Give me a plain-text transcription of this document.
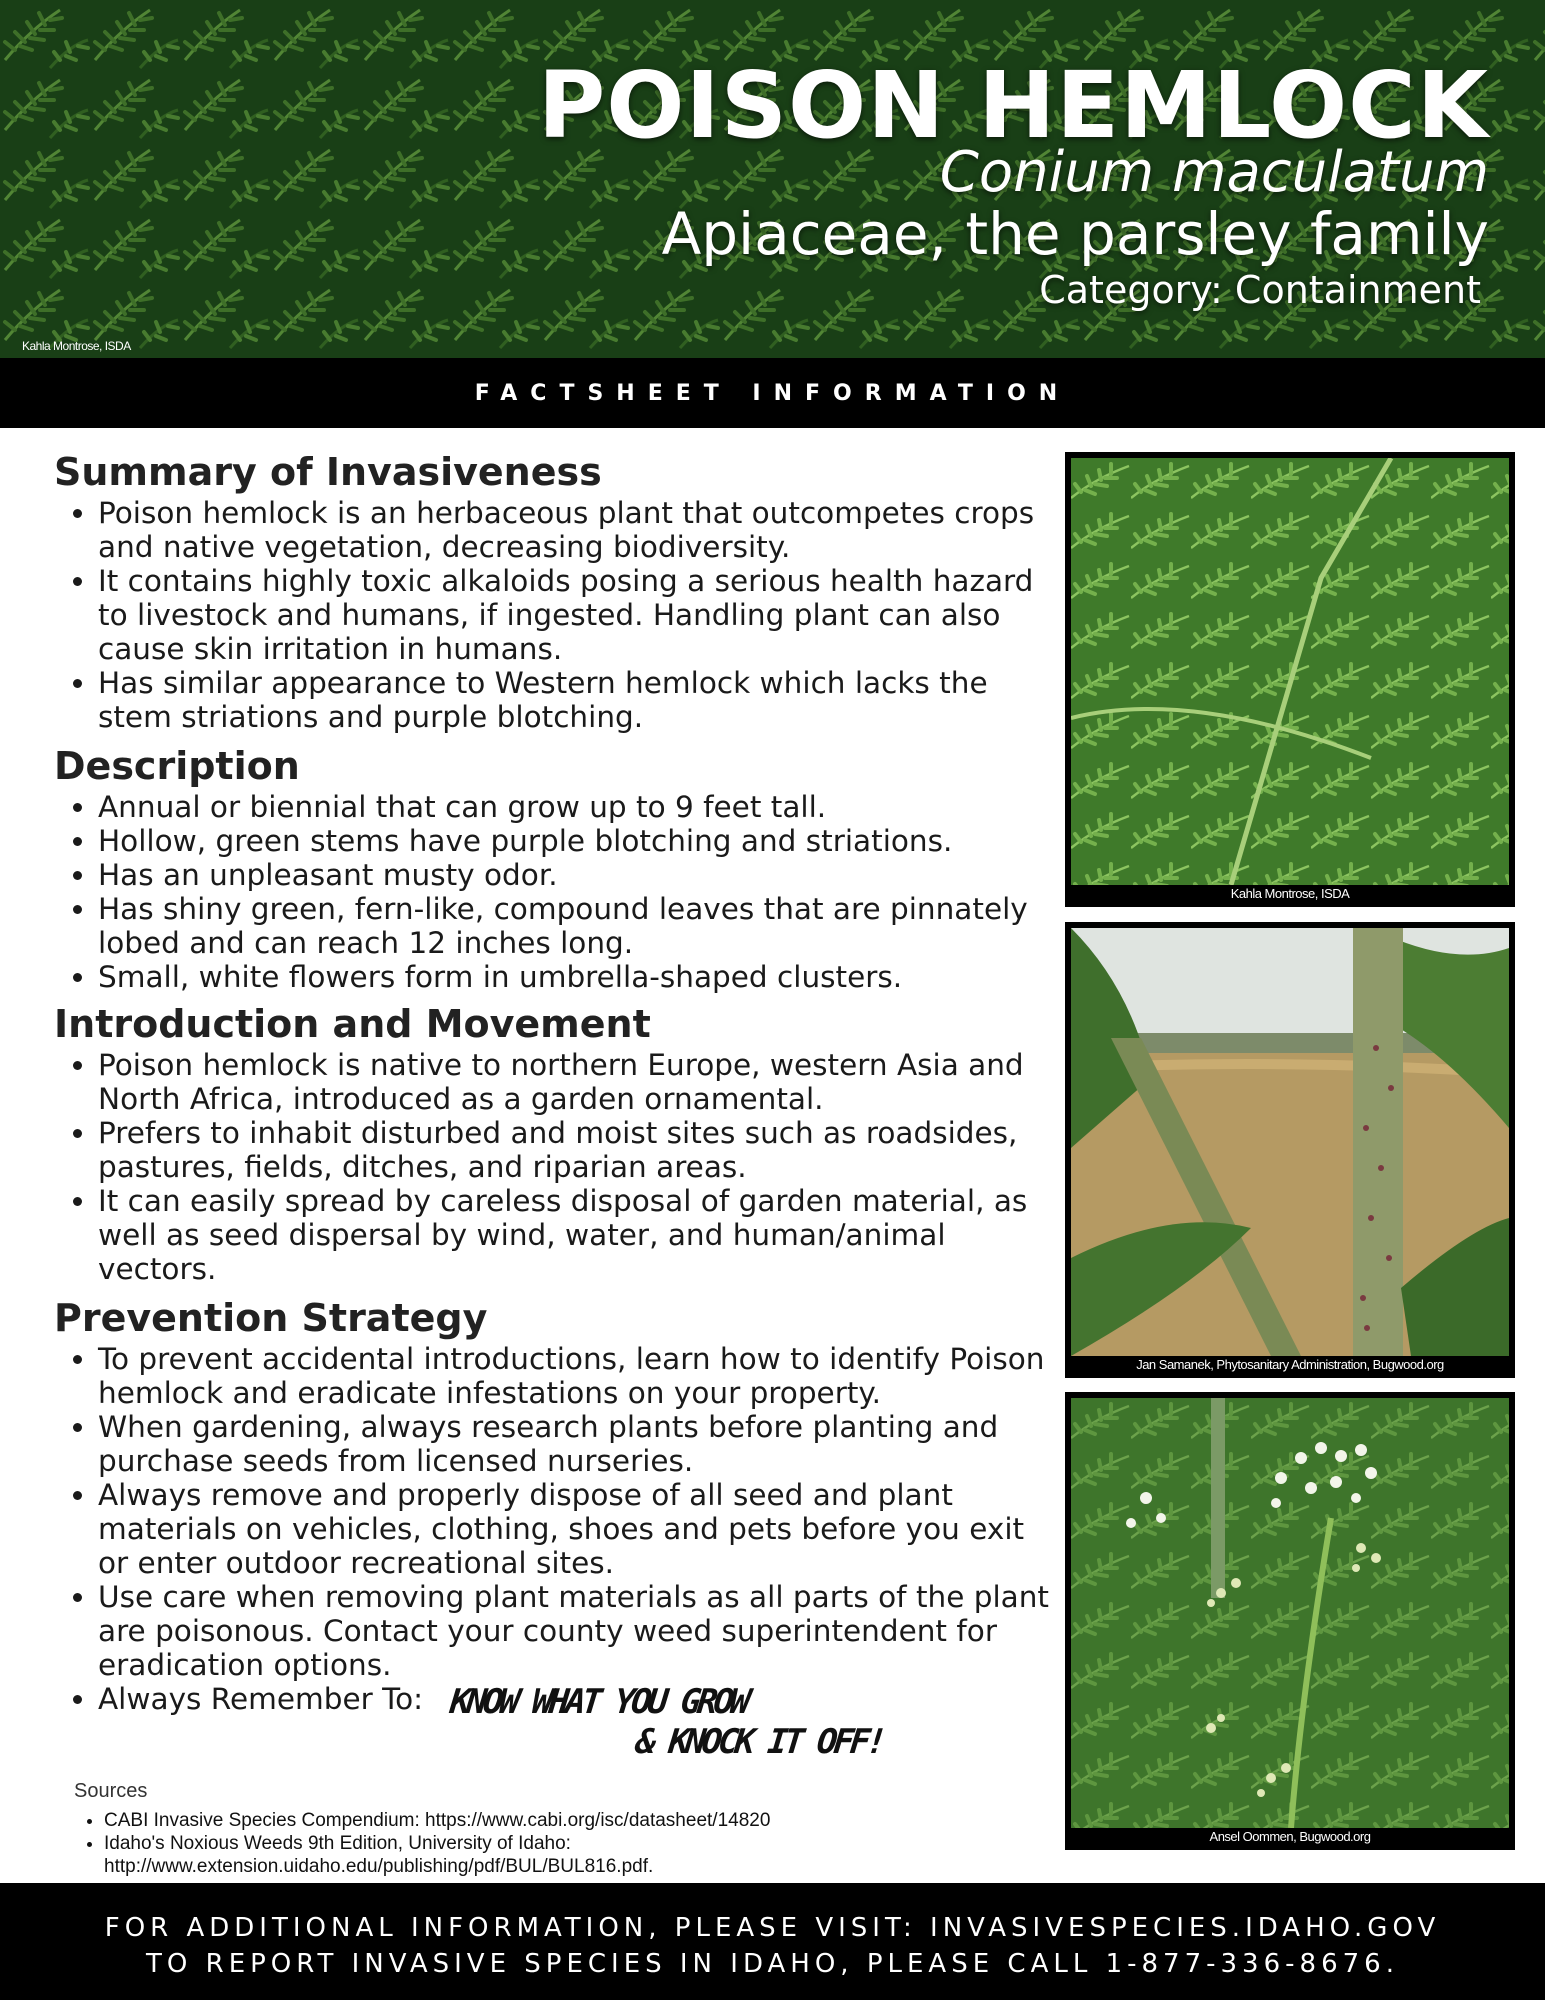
POISON HEMLOCK
Conium maculatum
Apiaceae, the parsley family
Category: Containment
Kahla Montrose, ISDA
FACTSHEET INFORMATION
Summary of Invasiveness
• Poison hemlock is an herbaceous plant that outcompetes crops and native vegetation, decreasing biodiversity.
• It contains highly toxic alkaloids posing a serious health hazard to livestock and humans, if ingested. Handling plant can also cause skin irritation in humans.
• Has similar appearance to Western hemlock which lacks the stem striations and purple blotching.
Description
• Annual or biennial that can grow up to 9 feet tall.
• Hollow, green stems have purple blotching and striations.
• Has an unpleasant musty odor.
• Has shiny green, fern-like, compound leaves that are pinnately lobed and can reach 12 inches long.
• Small, white flowers form in umbrella-shaped clusters.
Introduction and Movement
• Poison hemlock is native to northern Europe, western Asia and North Africa, introduced as a garden ornamental.
• Prefers to inhabit disturbed and moist sites such as roadsides, pastures, fields, ditches, and riparian areas.
• It can easily spread by careless disposal of garden material, as well as seed dispersal by wind, water, and human/animal vectors.
Prevention Strategy
• To prevent accidental introductions, learn how to identify Poison hemlock and eradicate infestations on your property.
• When gardening, always research plants before planting and purchase seeds from licensed nurseries.
• Always remove and properly dispose of all seed and plant materials on vehicles, clothing, shoes and pets before you exit or enter outdoor recreational sites.
• Use care when removing plant materials as all parts of the plant are poisonous. Contact your county weed superintendent for eradication options.
• Always Remember To: KNOW WHAT YOU GROW
& KNOCK IT OFF!
Sources
• CABI Invasive Species Compendium: https://www.cabi.org/isc/datasheet/14820
• Idaho's Noxious Weeds 9th Edition, University of Idaho: http://www.extension.uidaho.edu/publishing/pdf/BUL/BUL816.pdf.
Kahla Montrose, ISDA
Jan Samanek, Phytosanitary Administration, Bugwood.org
Ansel Oommen, Bugwood.org
FOR ADDITIONAL INFORMATION, PLEASE VISIT: INVASIVESPECIES.IDAHO.GOV
TO REPORT INVASIVE SPECIES IN IDAHO, PLEASE CALL 1-877-336-8676.
